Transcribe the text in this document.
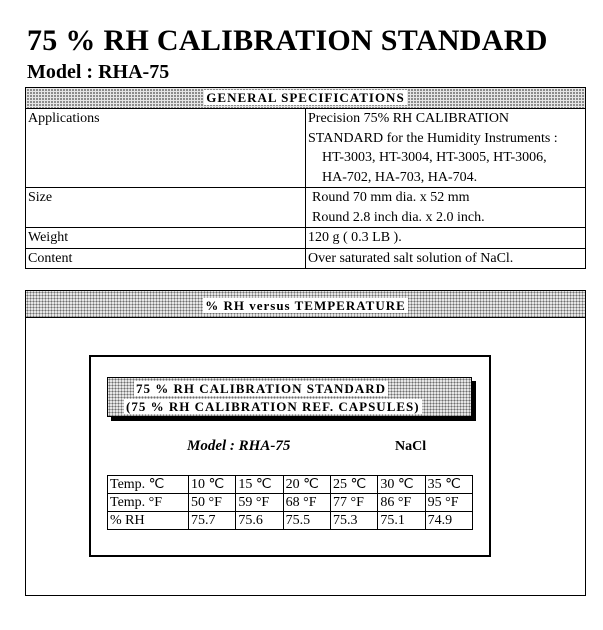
75 % RH CALIBRATION STANDARD
Model : RHA-75
GENERAL SPECIFICATIONS	
Applications	Precision 75% RH CALIBRATION
STANDARD for the Humidity Instruments :
HT-3003, HT-3004, HT-3005, HT-3006,
HA-702, HA-703, HA-704.

Size	Round 70 mm dia. x 52 mm
Round 2.8 inch dia. x 2.0 inch.

Weight	120 g ( 0.3 LB ).
Content	Over saturated salt solution of NaCl.
% RH versus TEMPERATURE
75 % RH CALIBRATION STANDARD
(75 % RH CALIBRATION REF. CAPSULES)
Model : RHA-75	NaCl
Temp. ℃	10 ℃	15 ℃	20 ℃	25 ℃	30 ℃	35 ℃
Temp. °F	50 °F	59 °F	68 °F	77 °F	86 °F	95 °F
% RH	75.7	75.6	75.5	75.3	75.1	74.9
